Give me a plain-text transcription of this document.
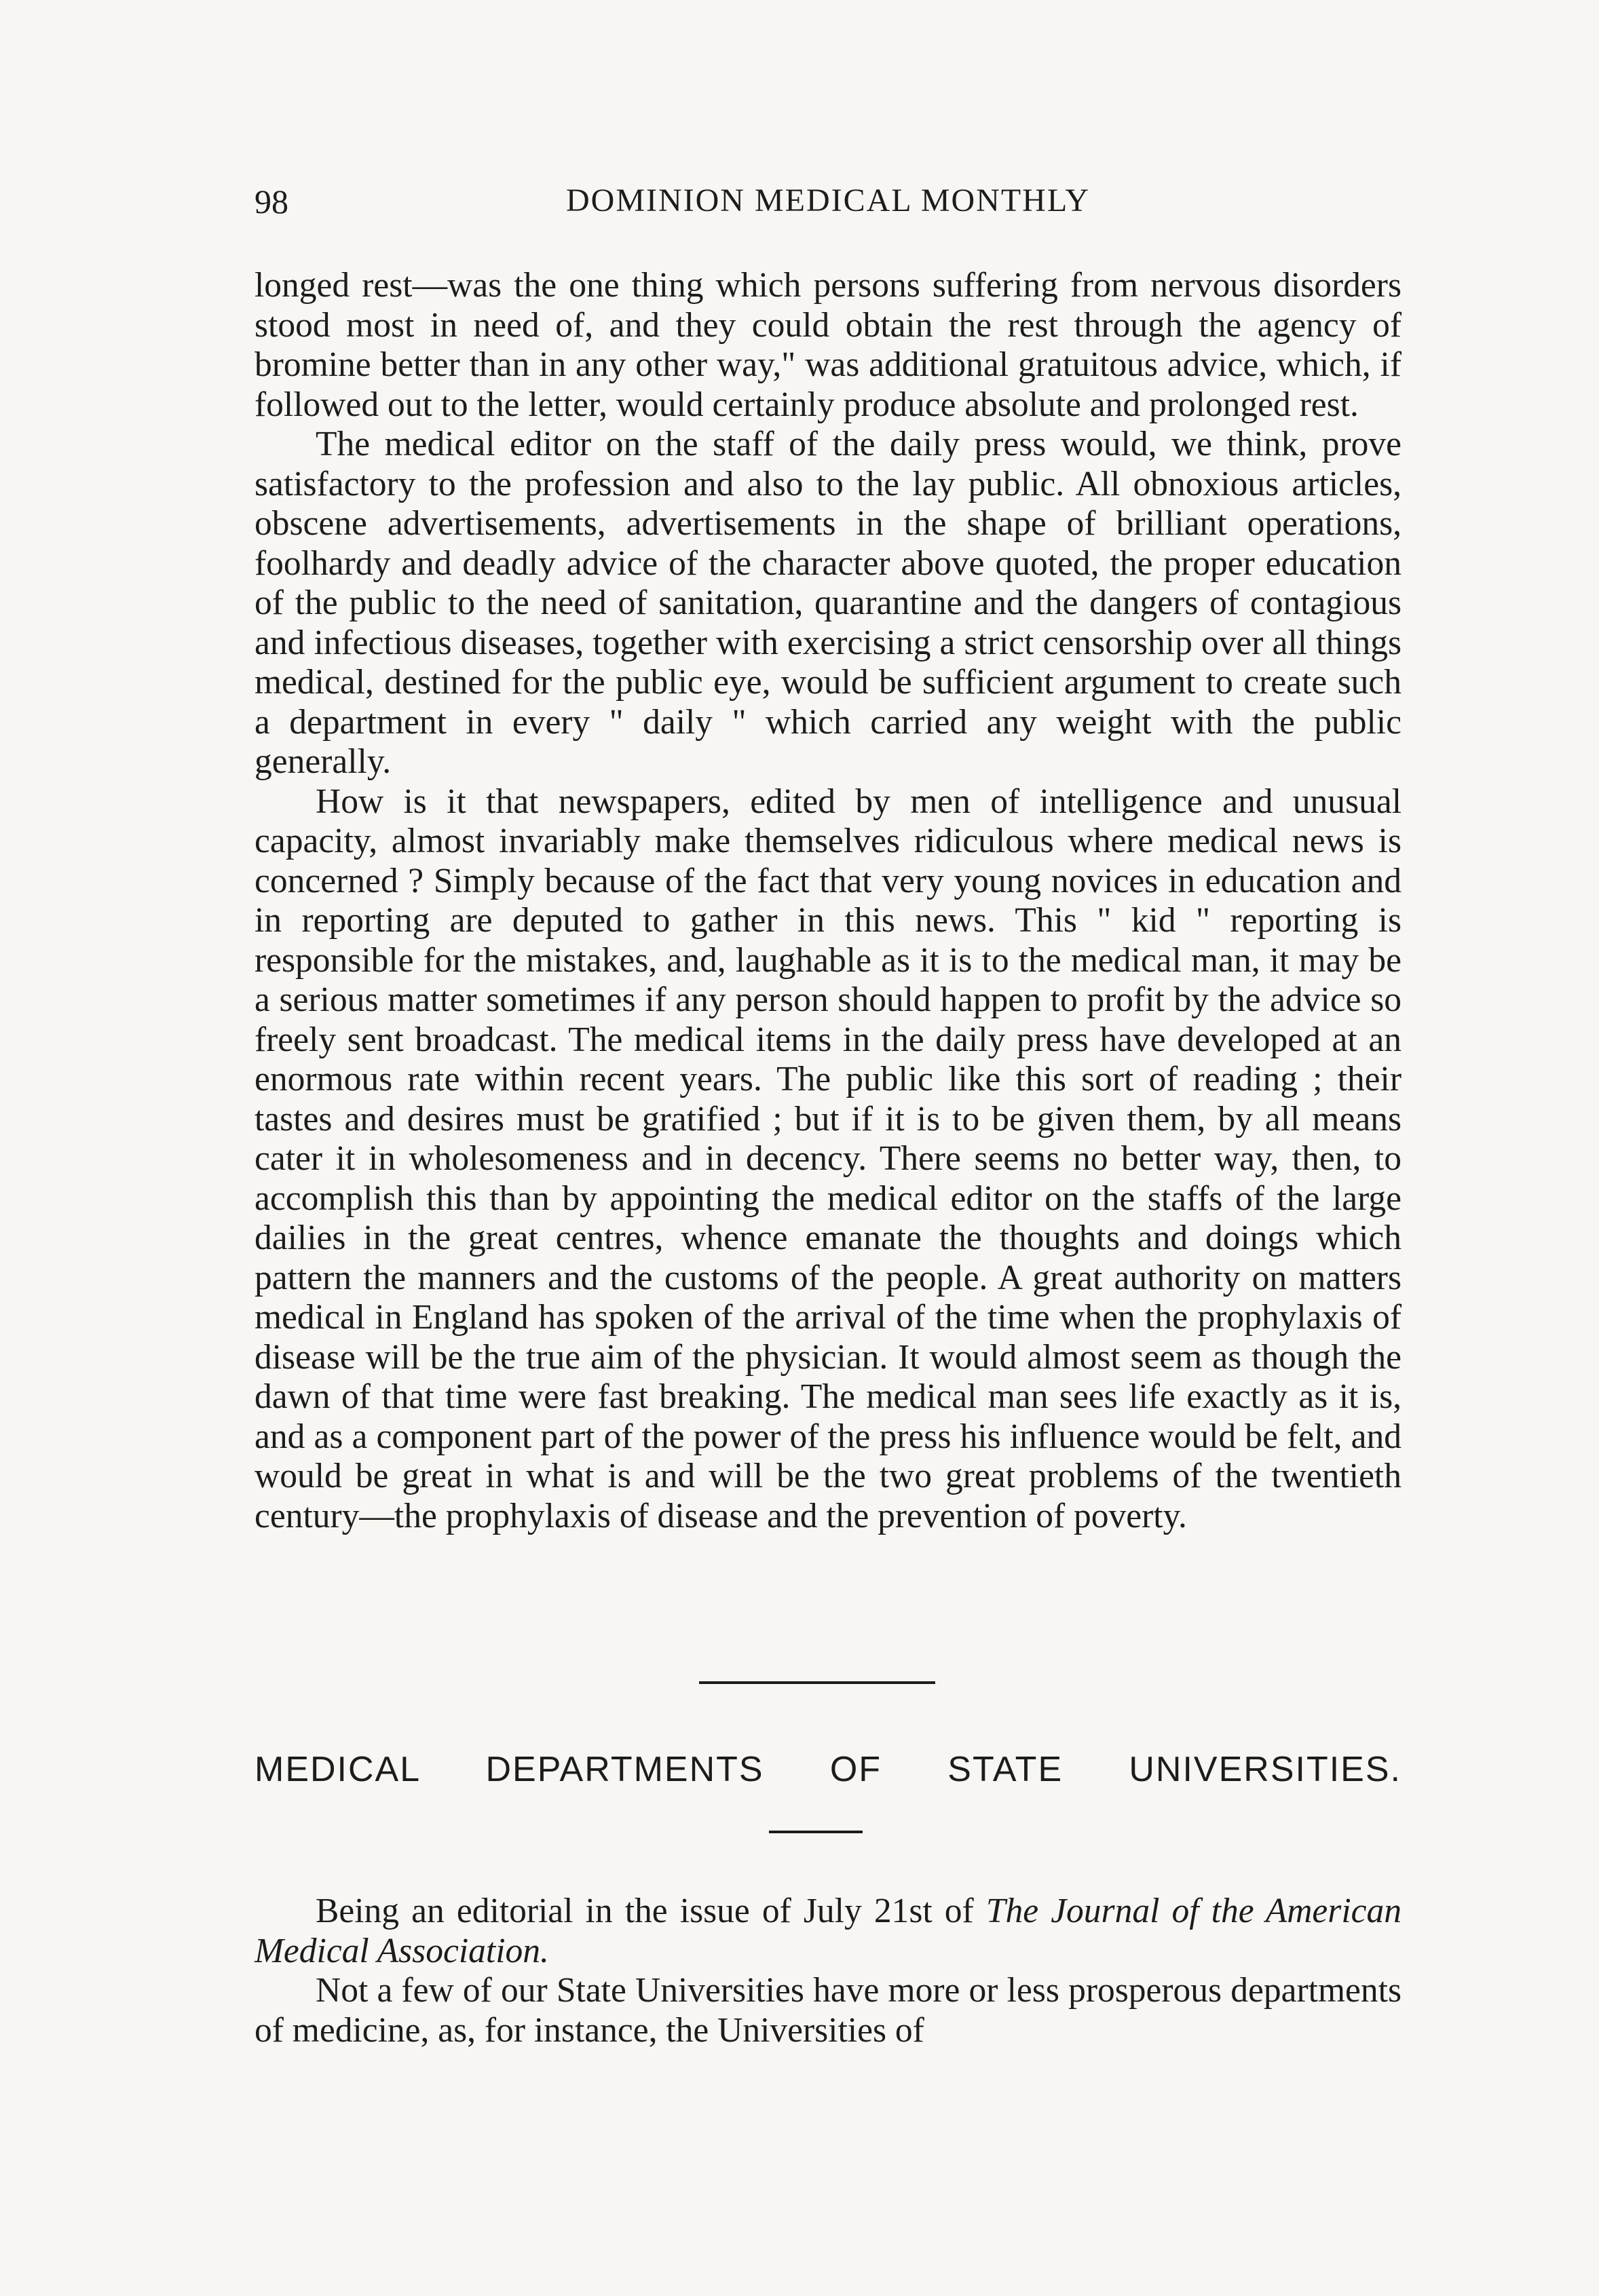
98	DOMINION MEDICAL MONTHLY

longed rest—was the one thing which persons suffering from nervous disorders stood most in need of, and they could obtain the rest through the agency of bromine better than in any other way," was additional gratuitous advice, which, if followed out to the letter, would certainly produce absolute and prolonged rest.

The medical editor on the staff of the daily press would, we think, prove satisfactory to the profession and also to the lay public. All obnoxious articles, obscene advertisements, advertisements in the shape of brilliant operations, foolhardy and deadly advice of the character above quoted, the proper education of the public to the need of sanitation, quarantine and the dangers of contagious and infectious diseases, together with exercising a strict censorship over all things medical, destined for the public eye, would be sufficient argument to create such a department in every " daily " which carried any weight with the public generally.

How is it that newspapers, edited by men of intelligence and unusual capacity, almost invariably make themselves ridiculous where medical news is concerned ? Simply because of the fact that very young novices in education and in reporting are deputed to gather in this news. This " kid " reporting is responsible for the mistakes, and, laughable as it is to the medical man, it may be a serious matter sometimes if any person should happen to profit by the advice so freely sent broadcast. The medical items in the daily press have developed at an enormous rate within recent years. The public like this sort of reading ; their tastes and desires must be gratified ; but if it is to be given them, by all means cater it in wholesomeness and in decency. There seems no better way, then, to accomplish this than by appointing the medical editor on the staffs of the large dailies in the great centres, whence emanate the thoughts and doings which pattern the manners and the customs of the people. A great authority on matters medical in England has spoken of the arrival of the time when the prophylaxis of disease will be the true aim of the physician. It would almost seem as though the dawn of that time were fast breaking. The medical man sees life exactly as it is, and as a component part of the power of the press his influence would be felt, and would be great in what is and will be the two great problems of the twentieth century—the prophylaxis of disease and the prevention of poverty.

MEDICAL DEPARTMENTS OF STATE UNIVERSITIES.

Being an editorial in the issue of July 21st of The Journal of the American Medical Association.

Not a few of our State Universities have more or less prosperous departments of medicine, as, for instance, the Universities of
